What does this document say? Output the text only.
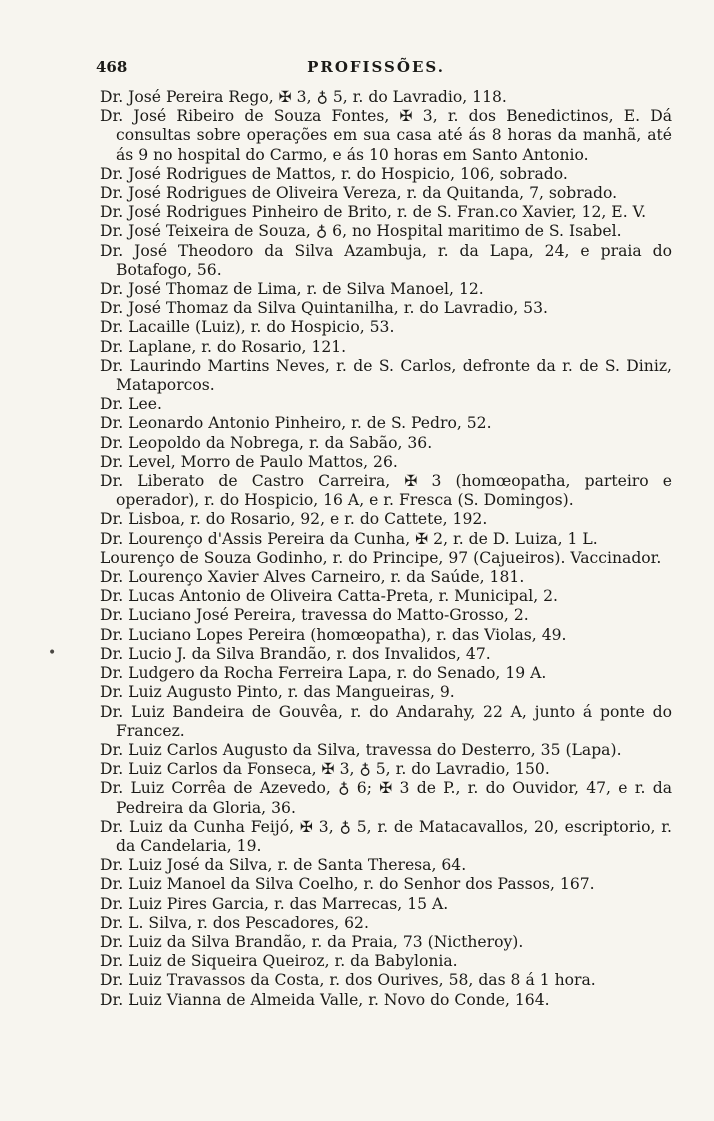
468	PROFISSÕES.
•

Dr. José Pereira Rego, ✠ 3, ♁ 5, r. do Lavradio, 118.

Dr. José Ribeiro de Souza Fontes, ✠ 3, r. dos Benedictinos, E. Dá consultas sobre operações em sua casa até ás 8 horas da manhã, até ás 9 no hospital do Carmo, e ás 10 horas em Santo Antonio.

Dr. José Rodrigues de Mattos, r. do Hospicio, 106, sobrado.

Dr. José Rodrigues de Oliveira Vereza, r. da Quitanda, 7, sobrado.

Dr. José Rodrigues Pinheiro de Brito, r. de S. Fran.co Xavier, 12, E. V.

Dr. José Teixeira de Souza, ♁ 6, no Hospital maritimo de S. Isabel.

Dr. José Theodoro da Silva Azambuja, r. da Lapa, 24, e praia do Botafogo, 56.

Dr. José Thomaz de Lima, r. de Silva Manoel, 12.

Dr. José Thomaz da Silva Quintanilha, r. do Lavradio, 53.

Dr. Lacaille (Luiz), r. do Hospicio, 53.

Dr. Laplane, r. do Rosario, 121.

Dr. Laurindo Martins Neves, r. de S. Carlos, defronte da r. de S. Diniz, Mataporcos.

Dr. Lee.

Dr. Leonardo Antonio Pinheiro, r. de S. Pedro, 52.

Dr. Leopoldo da Nobrega, r. da Sabão, 36.

Dr. Level, Morro de Paulo Mattos, 26.

Dr. Liberato de Castro Carreira, ✠ 3 (homœopatha, parteiro e operador), r. do Hospicio, 16 A, e r. Fresca (S. Domingos).

Dr. Lisboa, r. do Rosario, 92, e r. do Cattete, 192.

Dr. Lourenço d'Assis Pereira da Cunha, ✠ 2, r. de D. Luiza, 1 L.

Lourenço de Souza Godinho, r. do Principe, 97 (Cajueiros). Vaccinador.

Dr. Lourenço Xavier Alves Carneiro, r. da Saúde, 181.

Dr. Lucas Antonio de Oliveira Catta-Preta, r. Municipal, 2.

Dr. Luciano José Pereira, travessa do Matto-Grosso, 2.

Dr. Luciano Lopes Pereira (homœopatha), r. das Violas, 49.

Dr. Lucio J. da Silva Brandão, r. dos Invalidos, 47.

Dr. Ludgero da Rocha Ferreira Lapa, r. do Senado, 19 A.

Dr. Luiz Augusto Pinto, r. das Mangueiras, 9.

Dr. Luiz Bandeira de Gouvêa, r. do Andarahy, 22 A, junto á ponte do Francez.

Dr. Luiz Carlos Augusto da Silva, travessa do Desterro, 35 (Lapa).

Dr. Luiz Carlos da Fonseca, ✠ 3, ♁ 5, r. do Lavradio, 150.

Dr. Luiz Corrêa de Azevedo, ♁ 6; ✠ 3 de P., r. do Ouvidor, 47, e r. da Pedreira da Gloria, 36.

Dr. Luiz da Cunha Feijó, ✠ 3, ♁ 5, r. de Matacavallos, 20, escriptorio, r. da Candelaria, 19.

Dr. Luiz José da Silva, r. de Santa Theresa, 64.

Dr. Luiz Manoel da Silva Coelho, r. do Senhor dos Passos, 167.

Dr. Luiz Pires Garcia, r. das Marrecas, 15 A.

Dr. L. Silva, r. dos Pescadores, 62.

Dr. Luiz da Silva Brandão, r. da Praia, 73 (Nictheroy).

Dr. Luiz de Siqueira Queiroz, r. da Babylonia.

Dr. Luiz Travassos da Costa, r. dos Ourives, 58, das 8 á 1 hora.

Dr. Luiz Vianna de Almeida Valle, r. Novo do Conde, 164.
